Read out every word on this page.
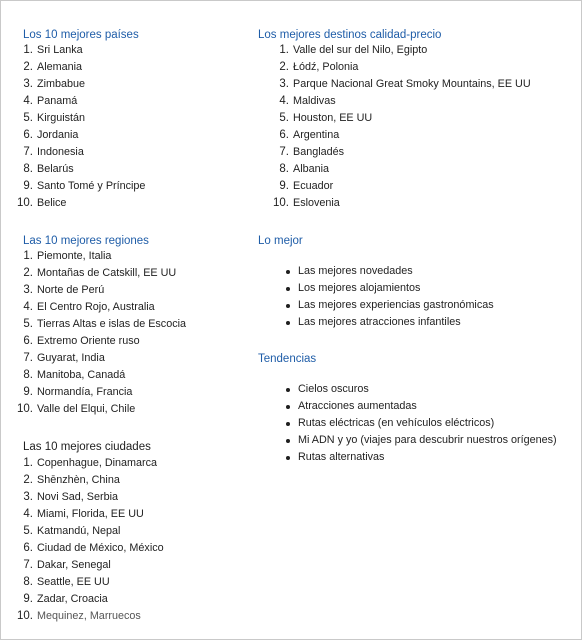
Los 10 mejores países
1. Sri Lanka
2. Alemania
3. Zimbabue
4. Panamá
5. Kirguistán
6. Jordania
7. Indonesia
8. Belarús
9. Santo Tomé y Príncipe
10. Belice
Las 10 mejores regiones
1. Piemonte, Italia
2. Montañas de Catskill, EE UU
3. Norte de Perú
4. El Centro Rojo, Australia
5. Tierras Altas e islas de Escocia
6. Extremo Oriente ruso
7. Guyarat, India
8. Manitoba, Canadá
9. Normandía, Francia
10. Valle del Elqui, Chile
Las 10 mejores ciudades
1. Copenhague, Dinamarca
2. Shēnzhèn, China
3. Novi Sad, Serbia
4. Miami, Florida, EE UU
5. Katmandú, Nepal
6. Ciudad de México, México
7. Dakar, Senegal
8. Seattle, EE UU
9. Zadar, Croacia
10. Mequinez, Marruecos
Los mejores destinos calidad-precio
1. Valle del sur del Nilo, Egipto
2. Łódź, Polonia
3. Parque Nacional Great Smoky Mountains, EE UU
4. Maldivas
5. Houston, EE UU
6. Argentina
7. Bangladés
8. Albania
9. Ecuador
10. Eslovenia
Lo mejor
Las mejores novedades
Los mejores alojamientos
Las mejores experiencias gastronómicas
Las mejores atracciones infantiles
Tendencias
Cielos oscuros
Atracciones aumentadas
Rutas eléctricas (en vehículos eléctricos)
Mi ADN y yo (viajes para descubrir nuestros orígenes)
Rutas alternativas
